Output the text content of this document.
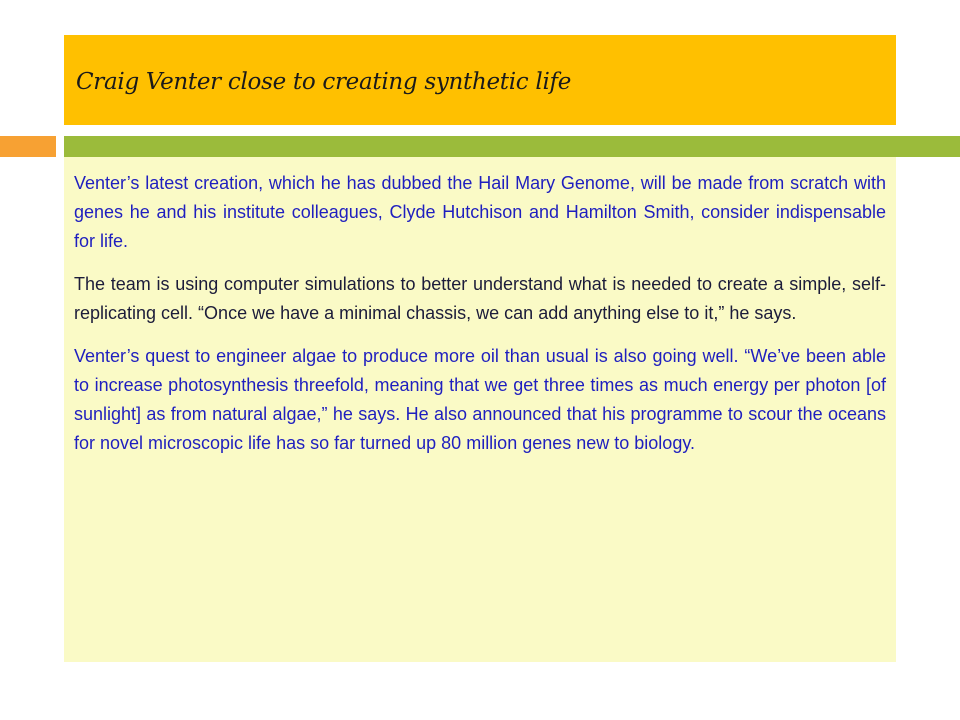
Craig Venter close to creating synthetic life

Venter’s latest creation, which he has dubbed the Hail Mary Genome, will be made from scratch with genes he and his institute colleagues, Clyde Hutchison and Hamilton Smith, consider indispensable for life.

The team is using computer simulations to better understand what is needed to create a simple, self-replicating cell. “Once we have a minimal chassis, we can add anything else to it,” he says.

Venter’s quest to engineer algae to produce more oil than usual is also going well. “We’ve been able to increase photosynthesis threefold, meaning that we get three times as much energy per photon [of sunlight] as from natural algae,” he says. He also announced that his programme to scour the oceans for novel microscopic life has so far turned up 80 million genes new to biology.
